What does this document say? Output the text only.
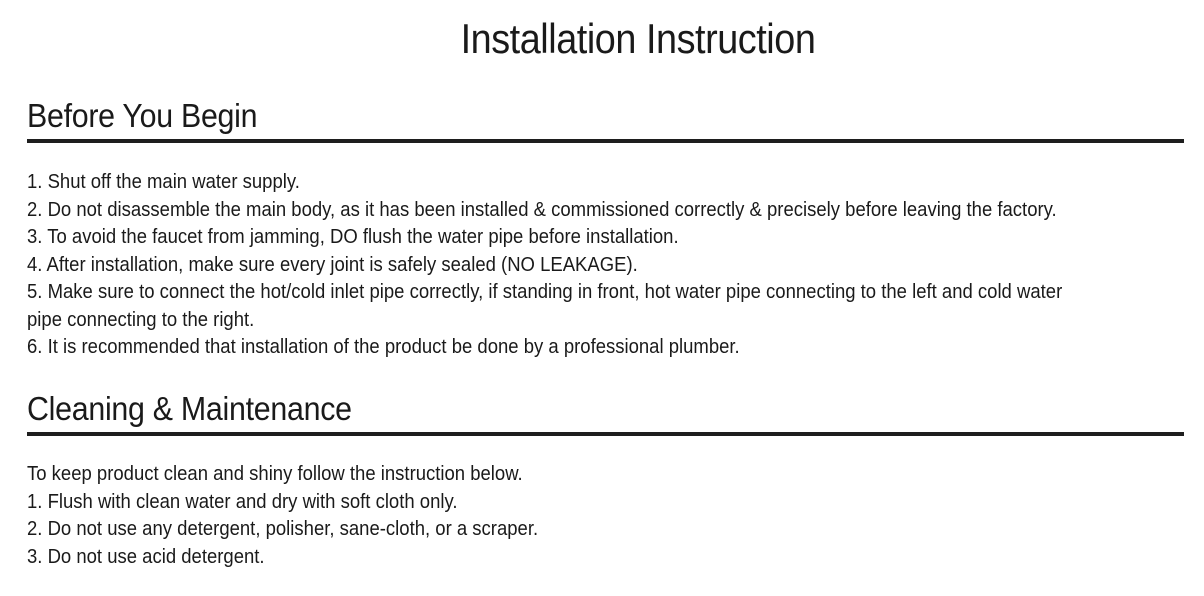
Installation Instruction
Before You Begin
1. Shut off the main water supply.
2. Do not disassemble the main body, as it has been installed & commissioned correctly & precisely before leaving the factory.
3. To avoid the faucet from jamming, DO flush the water pipe before installation.
4. After installation, make sure every joint is safely sealed (NO LEAKAGE).
5. Make sure to connect the hot/cold inlet pipe correctly, if standing in front, hot water pipe connecting to the left and cold water
pipe connecting to the right.
6. It is recommended that installation of the product be done by a professional plumber.
Cleaning & Maintenance
To keep product clean and shiny follow the instruction below.
1. Flush with clean water and dry with soft cloth only.
2. Do not use any detergent, polisher, sane-cloth, or a scraper.
3. Do not use acid detergent.
